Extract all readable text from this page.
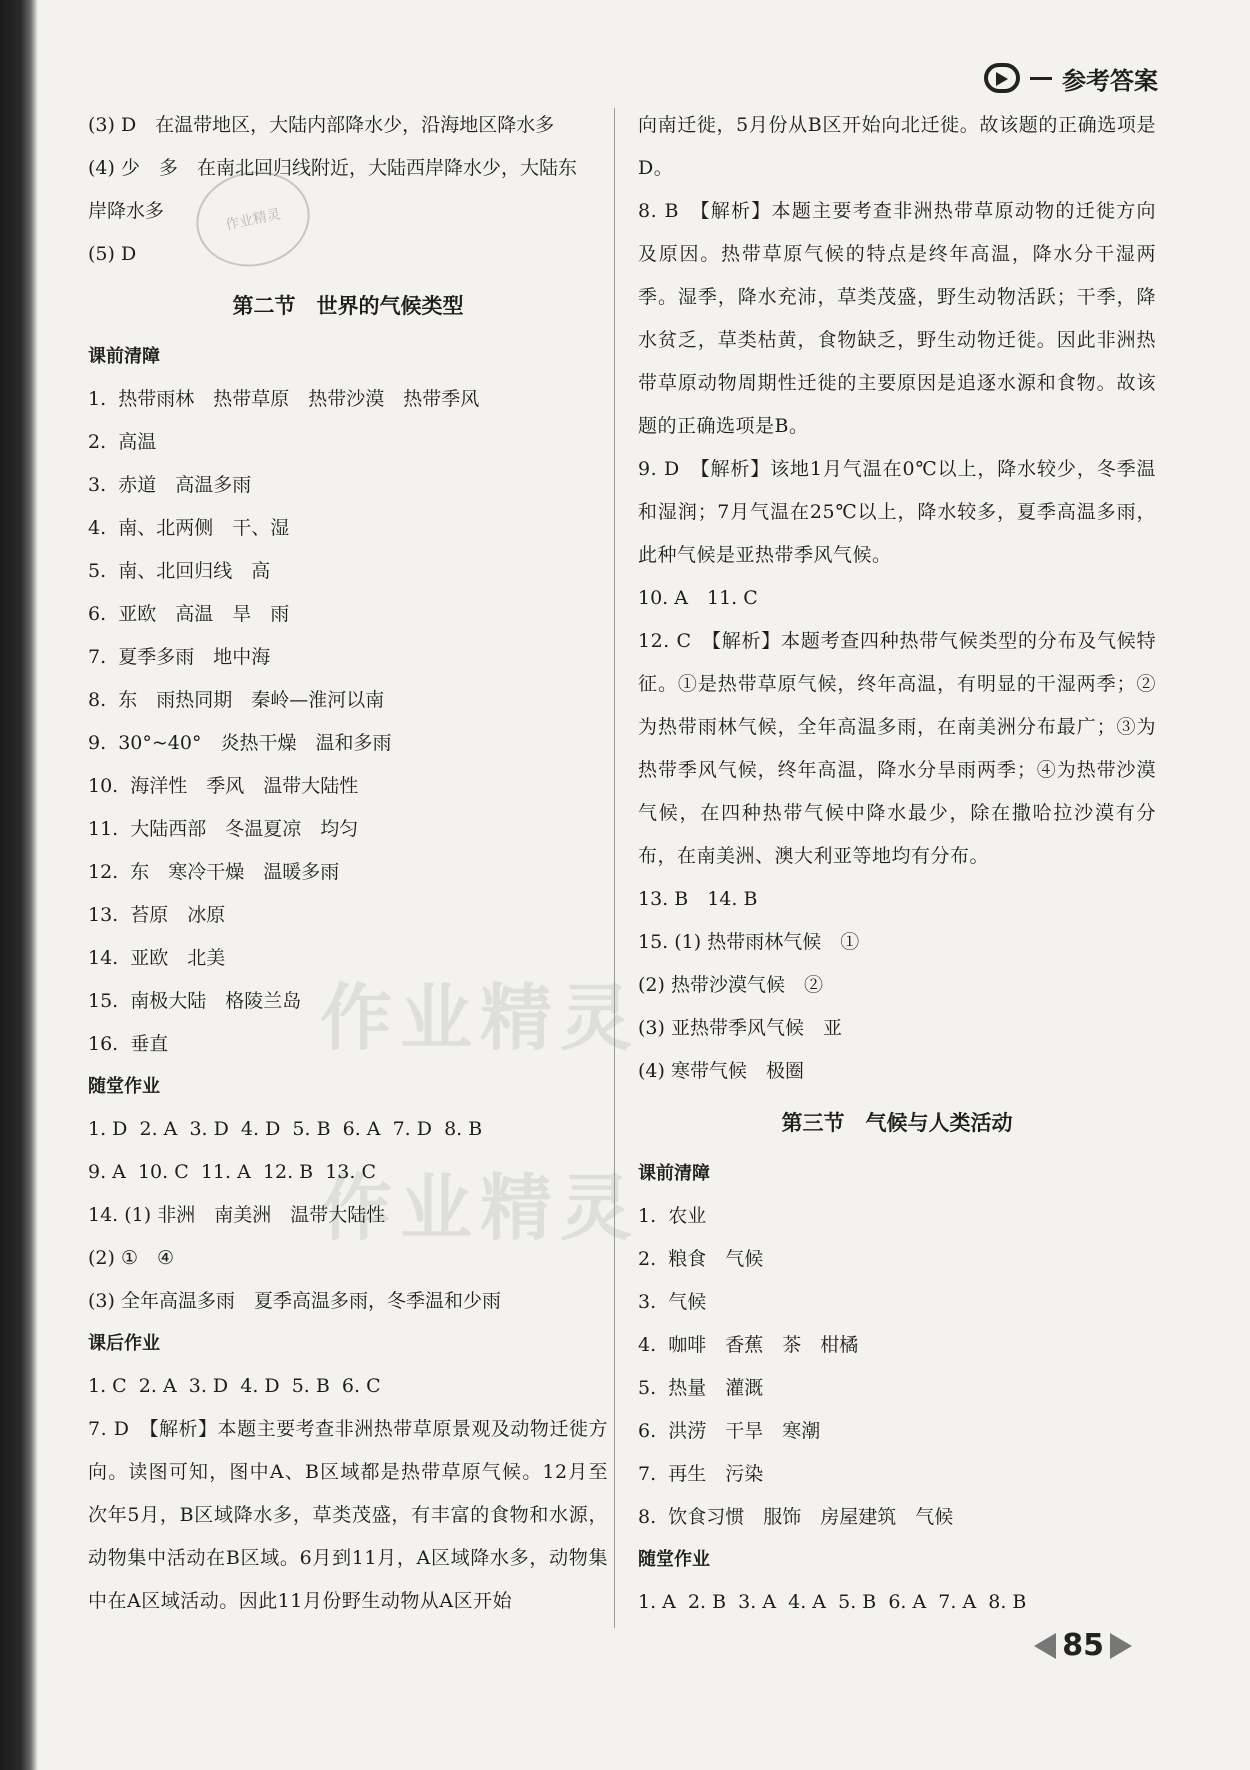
参考答案
作业精灵
作业精灵
作业精灵
(3) D　在温带地区，大陆内部降水少，沿海地区降水多
(4) 少　多　在南北回归线附近，大陆西岸降水少，大陆东
岸降水多
(5) D
第二节　世界的气候类型
课前清障
1.  热带雨林　热带草原　热带沙漠　热带季风
2.  高温
3.  赤道　高温多雨
4.  南、北两侧　干、湿
5.  南、北回归线　高
6.  亚欧　高温　旱　雨
7.  夏季多雨　地中海
8.  东　雨热同期　秦岭—淮河以南
9.  30°~40°　炎热干燥　温和多雨
10.  海洋性　季风　温带大陆性
11.  大陆西部　冬温夏凉　均匀
12.  东　寒冷干燥　温暖多雨
13.  苔原　冰原
14.  亚欧　北美
15.  南极大陆　格陵兰岛
16.  垂直
随堂作业
1. D  2. A  3. D  4. D  5. B  6. A  7. D  8. B
9. A  10. C  11. A  12. B  13. C
14. (1) 非洲　南美洲　温带大陆性
(2) ①　④
(3) 全年高温多雨　夏季高温多雨，冬季温和少雨
课后作业
1. C  2. A  3. D  4. D  5. B  6. C
7. D　【解析】本题主要考查非洲热带草原景观及动物迁徙方向。读图可知，图中A、B区域都是热带草原气候。12月至次年5月，B区域降水多，草类茂盛，有丰富的食物和水源，动物集中活动在B区域。6月到11月，A区域降水多，动物集中在A区域活动。因此11月份野生动物从A区开始
向南迁徙，5月份从B区开始向北迁徙。故该题的正确选项是D。
8. B　【解析】本题主要考查非洲热带草原动物的迁徙方向及原因。热带草原气候的特点是终年高温，降水分干湿两季。湿季，降水充沛，草类茂盛，野生动物活跃；干季，降水贫乏，草类枯黄，食物缺乏，野生动物迁徙。因此非洲热带草原动物周期性迁徙的主要原因是追逐水源和食物。故该题的正确选项是B。
9. D　【解析】该地1月气温在0℃以上，降水较少，冬季温和湿润；7月气温在25℃以上，降水较多，夏季高温多雨，此种气候是亚热带季风气候。
10. A　11. C
12. C　【解析】本题考查四种热带气候类型的分布及气候特征。①是热带草原气候，终年高温，有明显的干湿两季；②为热带雨林气候，全年高温多雨，在南美洲分布最广；③为热带季风气候，终年高温，降水分旱雨两季；④为热带沙漠气候，在四种热带气候中降水最少，除在撒哈拉沙漠有分布，在南美洲、澳大利亚等地均有分布。
13. B　14. B
15. (1) 热带雨林气候　①
(2) 热带沙漠气候　②
(3) 亚热带季风气候　亚
(4) 寒带气候　极圈
第三节　气候与人类活动
课前清障
1.  农业
2.  粮食　气候
3.  气候
4.  咖啡　香蕉　茶　柑橘
5.  热量　灌溉
6.  洪涝　干旱　寒潮
7.  再生　污染
8.  饮食习惯　服饰　房屋建筑　气候
随堂作业
1. A  2. B  3. A  4. A  5. B  6. A  7. A  8. B
85
